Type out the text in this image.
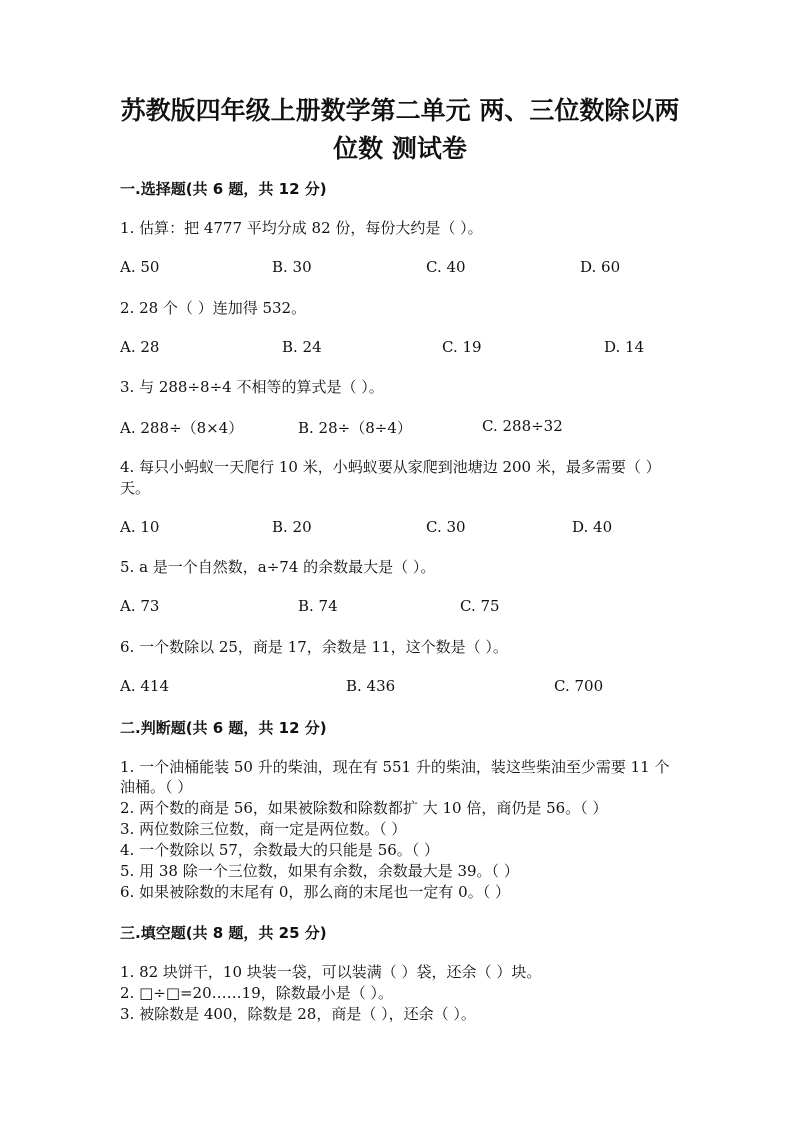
苏教版四年级上册数学第二单元 两、三位数除以两
位数 测试卷
一.选择题(共 6 题，共 12 分)
1. 估算：把 4777 平均分成 82 份，每份大约是（ ）。
A. 50	B. 30	C. 40	D. 60
2. 28 个（ ）连加得 532。
A. 28	B. 24	C. 19	D. 14
3. 与 288÷8÷4 不相等的算式是（ ）。
A. 288÷（8×4）	B. 28÷（8÷4）	C. 288÷32
4. 每只小蚂蚁一天爬行 10 米，小蚂蚁要从家爬到池塘边 200 米，最多需要（ ）天。
A. 10	B. 20	C. 30	D. 40
5. a 是一个自然数，a÷74 的余数最大是（ ）。
A. 73	B. 74	C. 75
6. 一个数除以 25，商是 17，余数是 11，这个数是（ ）。
A. 414	B. 436	C. 700
二.判断题(共 6 题，共 12 分)
1. 一个油桶能装 50 升的柴油，现在有 551 升的柴油，装这些柴油至少需要 11 个油桶。（ ）
2. 两个数的商是 56，如果被除数和除数都扩 大 10 倍，商仍是 56。（ ）
3. 两位数除三位数，商一定是两位数。（ ）
4. 一个数除以 57，余数最大的只能是 56。（ ）
5. 用 38 除一个三位数，如果有余数，余数最大是 39。（ ）
6. 如果被除数的末尾有 0，那么商的末尾也一定有 0。（ ）
三.填空题(共 8 题，共 25 分)
1. 82 块饼干，10 块装一袋，可以装满（ ）袋，还余（ ）块。
2. □÷□=20……19，除数最小是（ ）。
3. 被除数是 400，除数是 28，商是（ ），还余（ ）。
